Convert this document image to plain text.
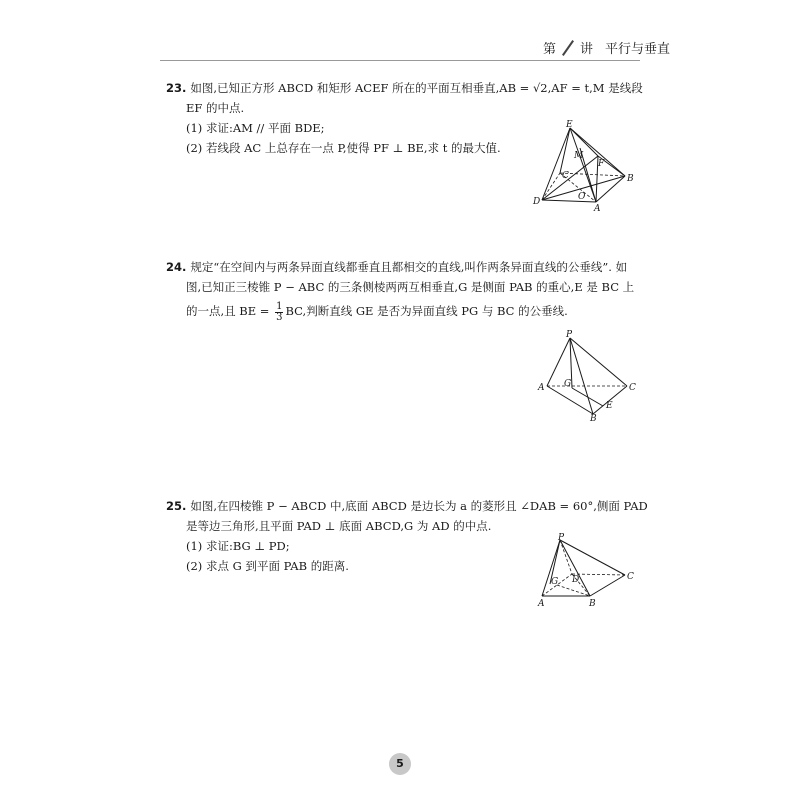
第 讲 平行与垂直
23. 如图,已知正方形 ABCD 和矩形 ACEF 所在的平面互相垂直,AB = √2,AF = t,M 是线段
EF 的中点.
(1) 求证:AM // 平面 BDE;
(2) 若线段 AC 上总存在一点 P,使得 PF ⊥ BE,求 t 的最大值.
E
M
F
C	B
D	O
A
24. 规定“在空间内与两条异面直线都垂直且都相交的直线,叫作两条异面直线的公垂线”. 如
图,已知正三棱锥 P − ABC 的三条侧棱两两互相垂直,G 是侧面 PAB 的重心,E 是 BC 上
的一点,且 BE = $\frac{1}{3}$ BC,判断直线 GE 是否为异面直线 PG 与 BC 的公垂线.
P
A G	C
E
B
25. 如图,在四棱锥 P − ABCD 中,底面 ABCD 是边长为 a 的菱形且 ∠DAB = 60°,侧面 PAD
是等边三角形,且平面 PAD ⊥ 底面 ABCD,G 为 AD 的中点.
(1) 求证:BG ⊥ PD;
(2) 求点 G 到平面 PAB 的距离.
P
C
G D
A	B
5
